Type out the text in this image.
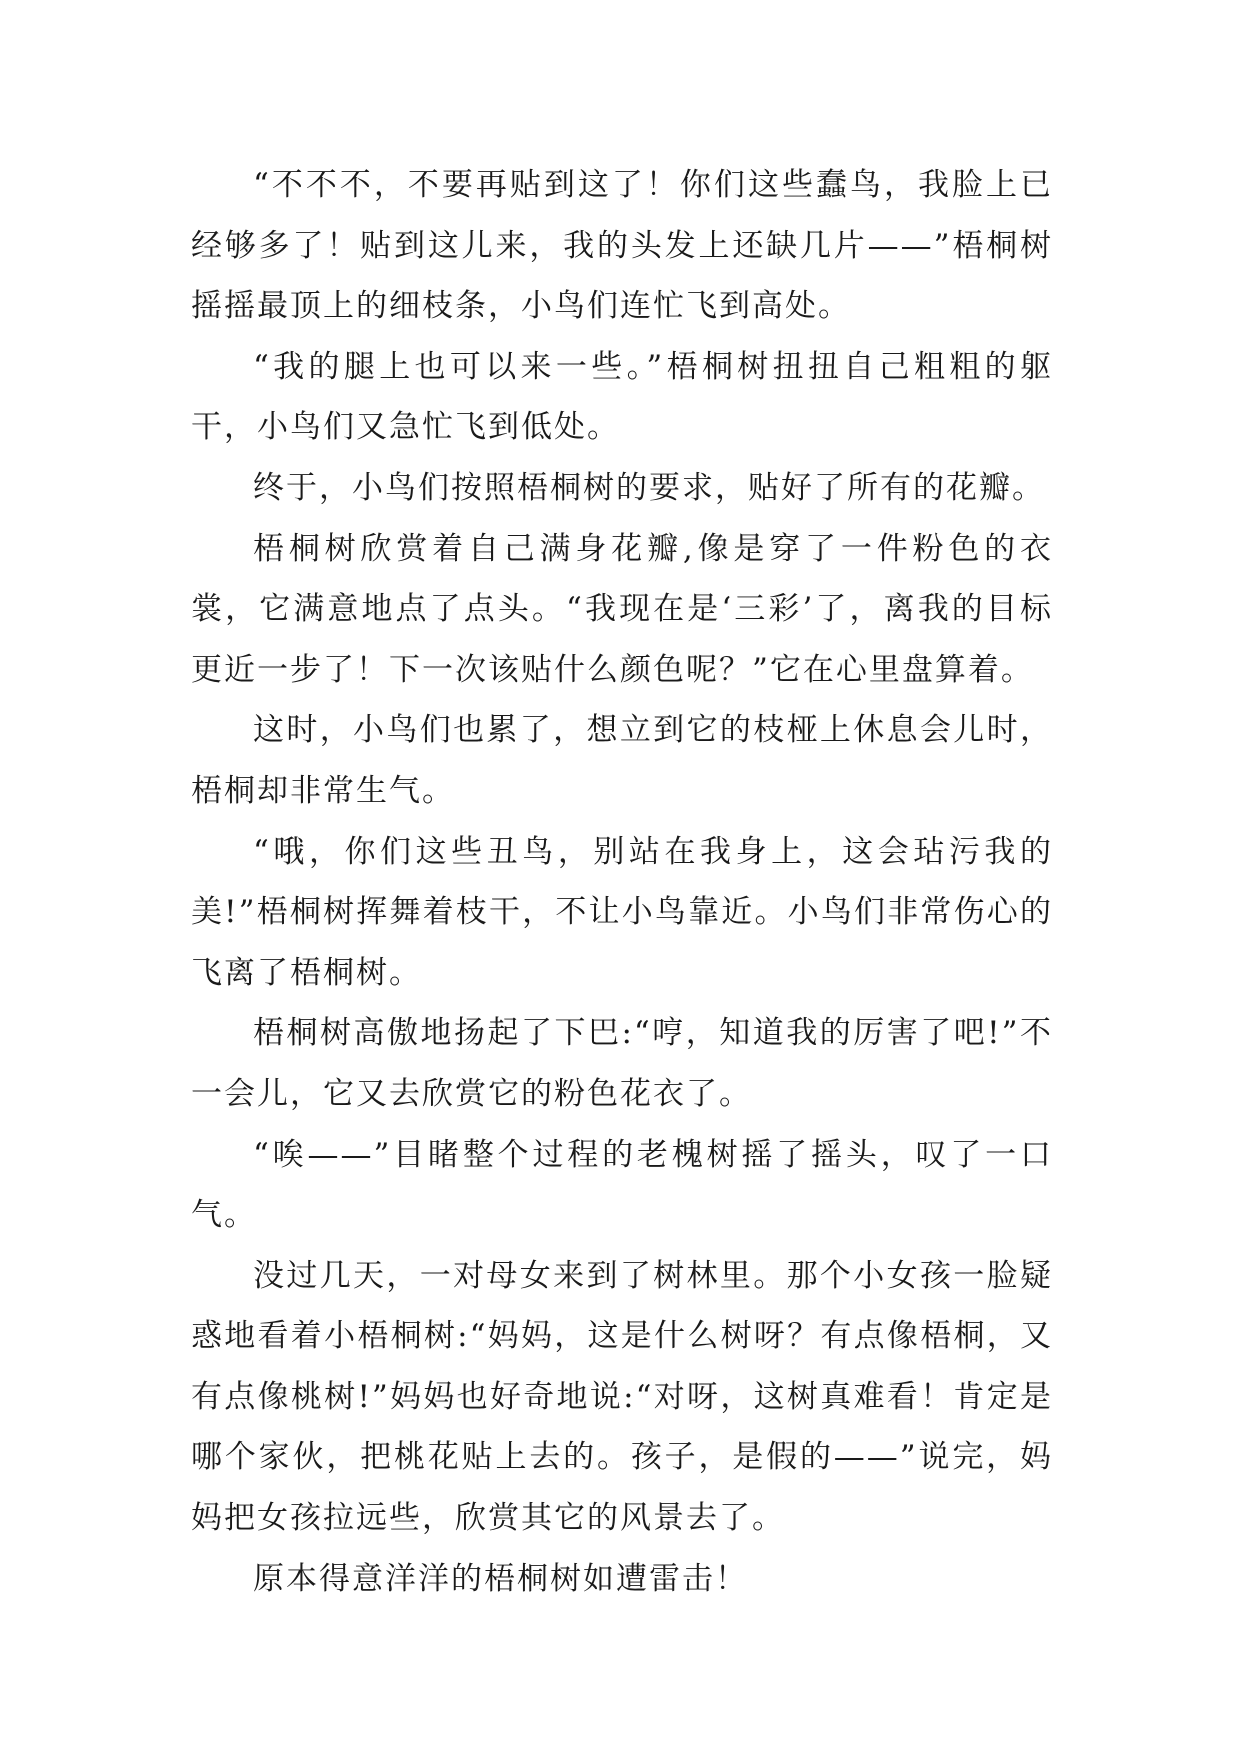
“不不不，不要再贴到这了！你们这些蠢鸟，我脸上已经够多了！贴到这儿来，我的头发上还缺几片——”梧桐树摇摇最顶上的细枝条，小鸟们连忙飞到高处。

“我的腿上也可以来一些。”梧桐树扭扭自己粗粗的躯干，小鸟们又急忙飞到低处。

终于，小鸟们按照梧桐树的要求，贴好了所有的花瓣。

梧桐树欣赏着自己满身花瓣,像是穿了一件粉色的衣裳，它满意地点了点头。“我现在是‘三彩’了，离我的目标更近一步了！下一次该贴什么颜色呢？”它在心里盘算着。

这时，小鸟们也累了，想立到它的枝桠上休息会儿时，梧桐却非常生气。

“哦，你们这些丑鸟，别站在我身上，这会玷污我的美!”梧桐树挥舞着枝干，不让小鸟靠近。小鸟们非常伤心的飞离了梧桐树。

梧桐树高傲地扬起了下巴:“哼，知道我的厉害了吧!”不一会儿，它又去欣赏它的粉色花衣了。

“唉——”目睹整个过程的老槐树摇了摇头，叹了一口气。

没过几天，一对母女来到了树林里。那个小女孩一脸疑惑地看着小梧桐树:“妈妈，这是什么树呀？有点像梧桐，又有点像桃树!”妈妈也好奇地说:“对呀，这树真难看！肯定是哪个家伙，把桃花贴上去的。孩子，是假的——”说完，妈妈把女孩拉远些，欣赏其它的风景去了。

原本得意洋洋的梧桐树如遭雷击！
